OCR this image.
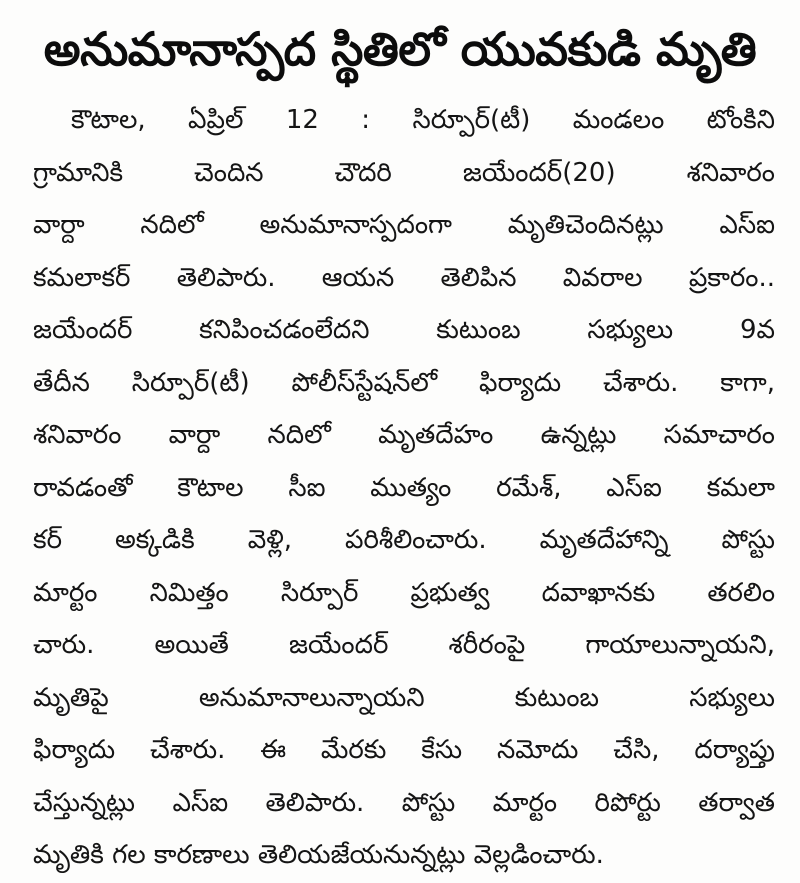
అనుమానాస్పద స్థితిలో యువకుడి మృతి
కౌటాల, ఏప్రిల్ 12 : సిర్పూర్(టీ) మండలం టోంకిని
గ్రామానికి చెందిన చౌదరి జయేందర్(20) శనివారం
వార్దా నదిలో అనుమానాస్పదంగా మృతిచెందినట్లు ఎస్ఐ
కమలాకర్ తెలిపారు. ఆయన తెలిపిన వివరాల ప్రకారం..
జయేందర్ కనిపించడంలేదని కుటుంబ సభ్యులు 9వ
తేదీన సిర్పూర్(టీ) పోలీస్‌స్టేషన్‌లో ఫిర్యాదు చేశారు. కాగా,
శనివారం వార్దా నదిలో మృతదేహం ఉన్నట్లు సమాచారం
రావడంతో కౌటాల సీఐ ముత్యం రమేశ్, ఎస్ఐ కమలా
కర్ అక్కడికి వెళ్లి, పరిశీలించారు. మృతదేహాన్ని పోస్టు
మార్టం నిమిత్తం సిర్పూర్ ప్రభుత్వ దవాఖానకు తరలిం
చారు. అయితే జయేందర్ శరీరంపై గాయాలున్నాయని,
మృతిపై అనుమానాలున్నాయని కుటుంబ సభ్యులు
ఫిర్యాదు చేశారు. ఈ మేరకు కేసు నమోదు చేసి, దర్యాప్తు
చేస్తున్నట్లు ఎస్ఐ తెలిపారు. పోస్టు మార్టం రిపోర్టు తర్వాత
మృతికి గల కారణాలు తెలియజేయనున్నట్లు వెల్లడించారు.
